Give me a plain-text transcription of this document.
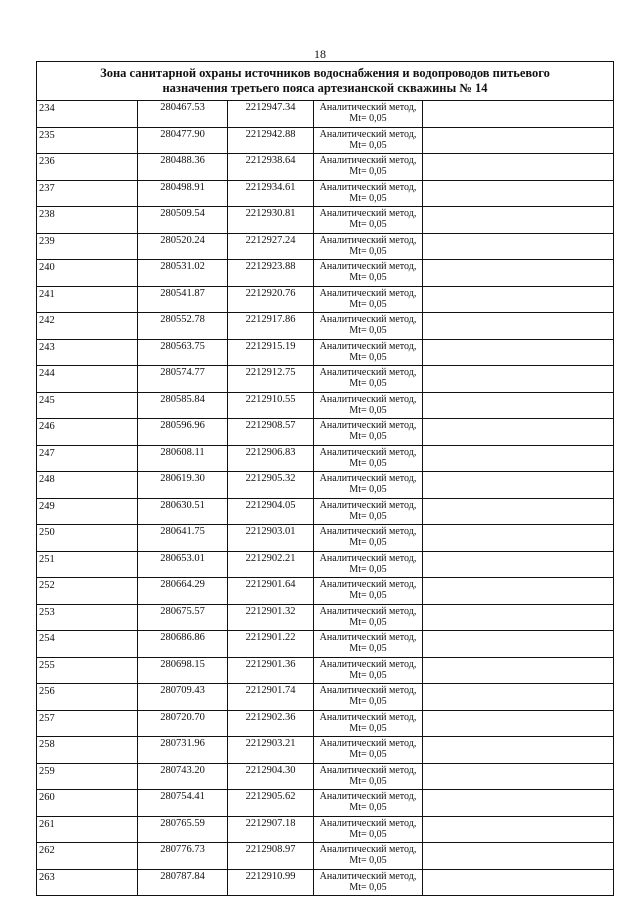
18
Зона санитарной охраны источников водоснабжения и водопроводов питьевого
назначения третьего пояса артезианской скважины № 14				
234	280467.53	2212947.34	Аналитический метод,
Mt= 0,05	

235	280477.90	2212942.88	Аналитический метод,
Mt= 0,05	

236	280488.36	2212938.64	Аналитический метод,
Mt= 0,05	

237	280498.91	2212934.61	Аналитический метод,
Mt= 0,05	

238	280509.54	2212930.81	Аналитический метод,
Mt= 0,05	

239	280520.24	2212927.24	Аналитический метод,
Mt= 0,05	

240	280531.02	2212923.88	Аналитический метод,
Mt= 0,05	

241	280541.87	2212920.76	Аналитический метод,
Mt= 0,05	

242	280552.78	2212917.86	Аналитический метод,
Mt= 0,05	

243	280563.75	2212915.19	Аналитический метод,
Mt= 0,05	

244	280574.77	2212912.75	Аналитический метод,
Mt= 0,05	

245	280585.84	2212910.55	Аналитический метод,
Mt= 0,05	

246	280596.96	2212908.57	Аналитический метод,
Mt= 0,05	

247	280608.11	2212906.83	Аналитический метод,
Mt= 0,05	

248	280619.30	2212905.32	Аналитический метод,
Mt= 0,05	

249	280630.51	2212904.05	Аналитический метод,
Mt= 0,05	

250	280641.75	2212903.01	Аналитический метод,
Mt= 0,05	

251	280653.01	2212902.21	Аналитический метод,
Mt= 0,05	

252	280664.29	2212901.64	Аналитический метод,
Mt= 0,05	

253	280675.57	2212901.32	Аналитический метод,
Mt= 0,05	

254	280686.86	2212901.22	Аналитический метод,
Mt= 0,05	

255	280698.15	2212901.36	Аналитический метод,
Mt= 0,05	

256	280709.43	2212901.74	Аналитический метод,
Mt= 0,05	

257	280720.70	2212902.36	Аналитический метод,
Mt= 0,05	

258	280731.96	2212903.21	Аналитический метод,
Mt= 0,05	

259	280743.20	2212904.30	Аналитический метод,
Mt= 0,05	

260	280754.41	2212905.62	Аналитический метод,
Mt= 0,05	

261	280765.59	2212907.18	Аналитический метод,
Mt= 0,05	

262	280776.73	2212908.97	Аналитический метод,
Mt= 0,05	

263	280787.84	2212910.99	Аналитический метод,
Mt= 0,05	
